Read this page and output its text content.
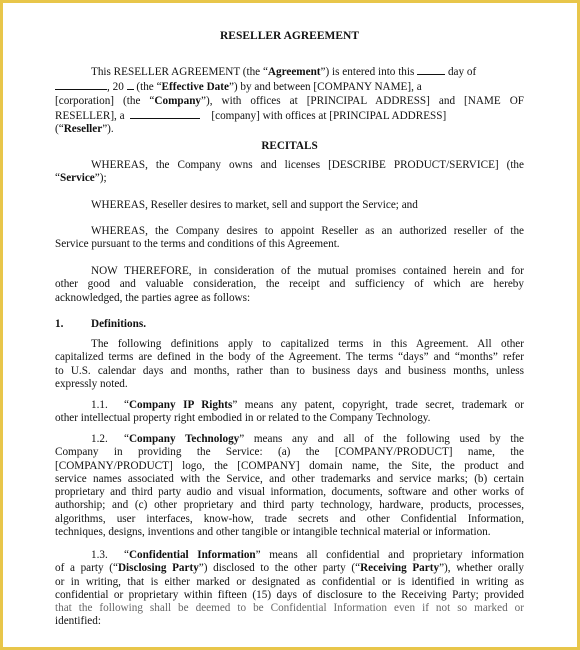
RESELLER AGREEMENT
This RESELLER AGREEMENT (the “Agreement”) is entered into this	day of
, 20 (the “Effective Date”) by and between [COMPANY NAME], a
[corporation] (the “Company”), with offices at [PRINCIPAL ADDRESS] and [NAME OF
RESELLER], a	[company] with offices at [PRINCIPAL ADDRESS]
(“Reseller”).
RECITALS
WHEREAS, the Company owns and licenses [DESCRIBE PRODUCT/SERVICE] (the
“Service”);
WHEREAS, Reseller desires to market, sell and support the Service; and
WHEREAS, the Company desires to appoint Reseller as an authorized reseller of the
Service pursuant to the terms and conditions of this Agreement.
NOW THEREFORE, in consideration of the mutual promises contained herein and for
other good and valuable consideration, the receipt and sufficiency of which are hereby
acknowledged, the parties agree as follows:
1. Definitions.
The following definitions apply to capitalized terms in this Agreement. All other
capitalized terms are defined in the body of the Agreement. The terms “days” and “months” refer
to U.S. calendar days and months, rather than to business days and business months, unless
expressly noted.
1.1. “Company IP Rights” means any patent, copyright, trade secret, trademark or
other intellectual property right embodied in or related to the Company Technology.
1.2. “Company Technology” means any and all of the following used by the
Company in providing the Service: (a) the [COMPANY/PRODUCT] name, the
[COMPANY/PRODUCT] logo, the [COMPANY] domain name, the Site, the product and
service names associated with the Service, and other trademarks and service marks; (b) certain
proprietary and third party audio and visual information, documents, software and other works of
authorship; and (c) other proprietary and third party technology, hardware, products, processes,
algorithms, user interfaces, know-how, trade secrets and other Confidential Information,
techniques, designs, inventions and other tangible or intangible technical material or information.
1.3. “Confidential Information” means all confidential and proprietary information
of a party (“Disclosing Party”) disclosed to the other party (“Receiving Party”), whether orally
or in writing, that is either marked or designated as confidential or is identified in writing as
confidential or proprietary within fifteen (15) days of disclosure to the Receiving Party; provided
that the following shall be deemed to be Confidential Information even if not so marked or
identified:
